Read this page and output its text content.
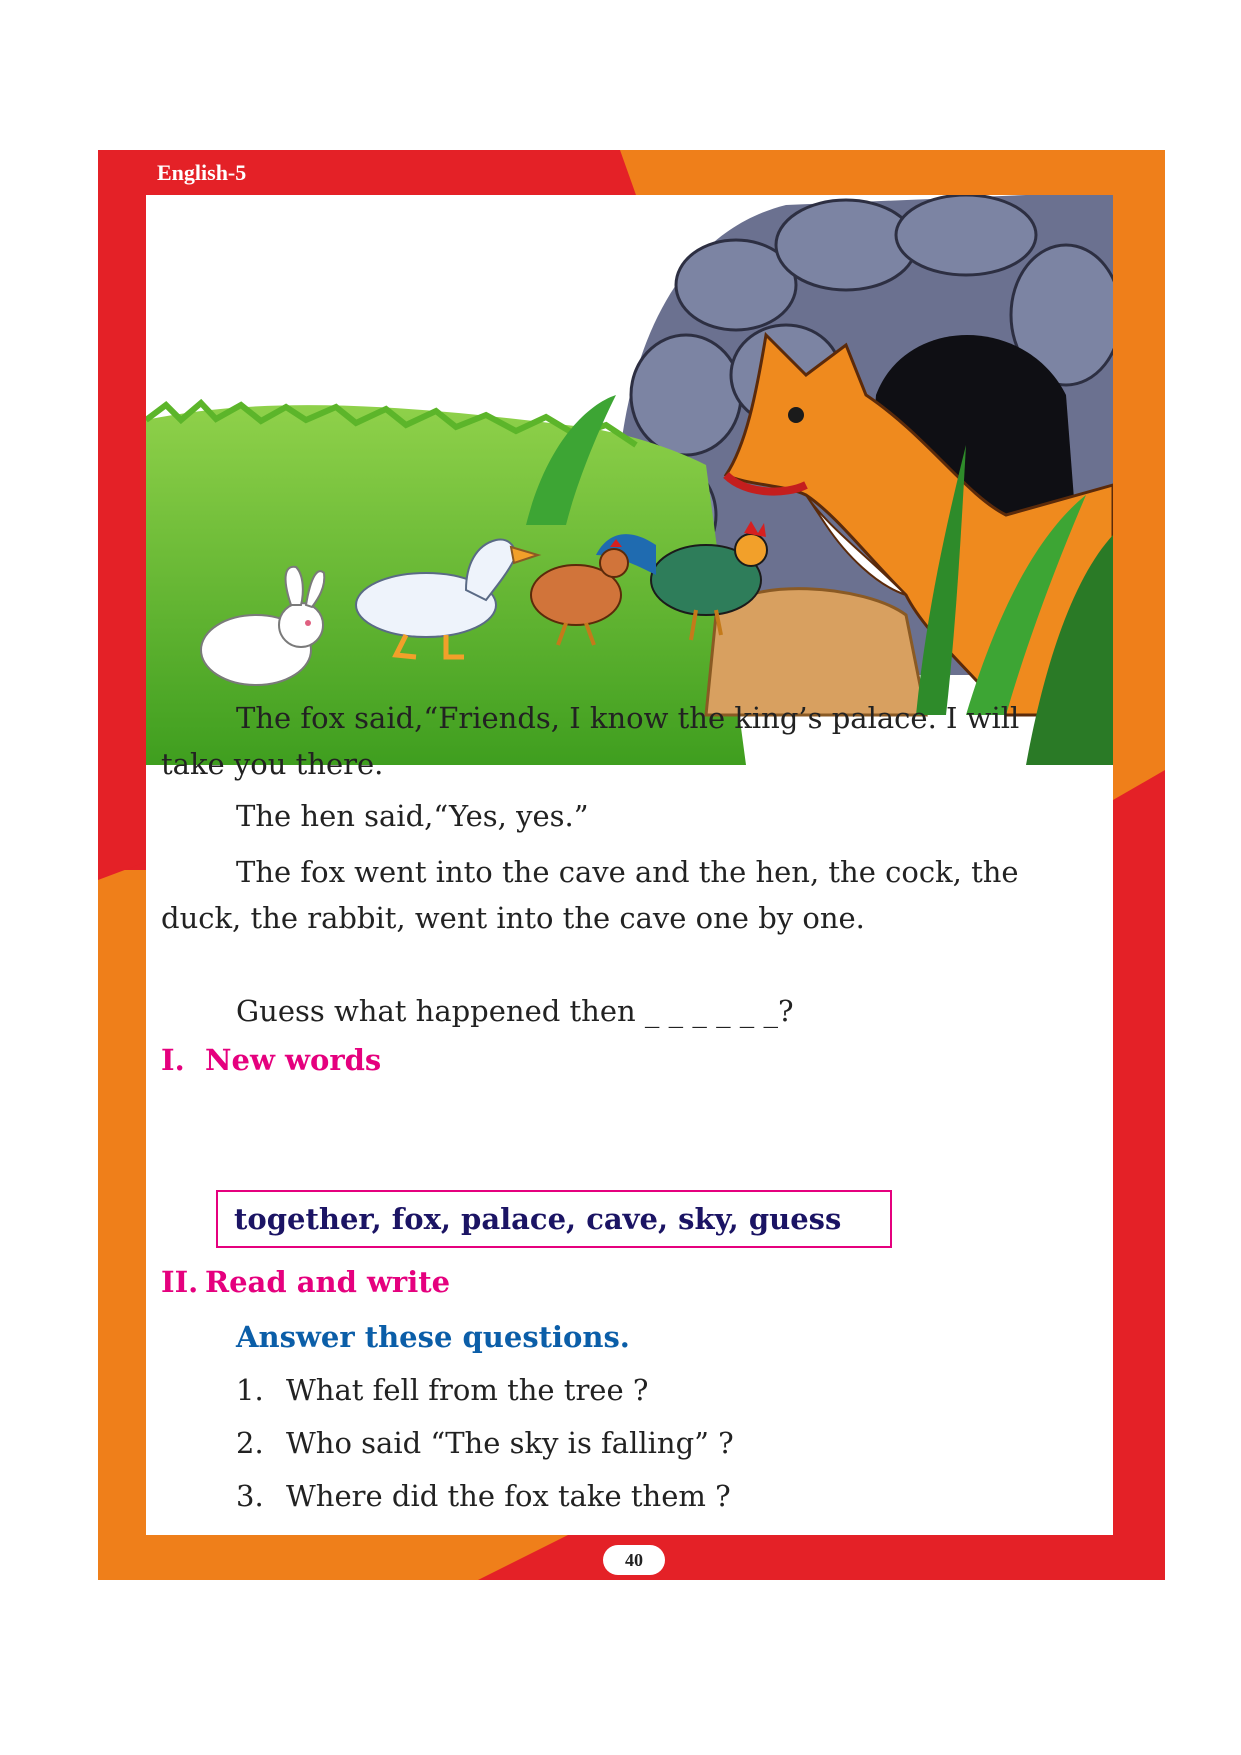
English-5

The fox said,“Friends, I know the king’s palace. I will take you there.

The hen said,“Yes, yes.”

The fox went into the cave and the hen, the cock, the duck, the rabbit, went into the cave one by one.

Guess what happened then _ _ _ _ _ _?

I. New words
together, fox, palace, cave, sky, guess
II. Read and write
Answer these questions.

1. What fell from the tree ?

2. Who said “The sky is falling” ?

3. Where did the fox take them ?

40
